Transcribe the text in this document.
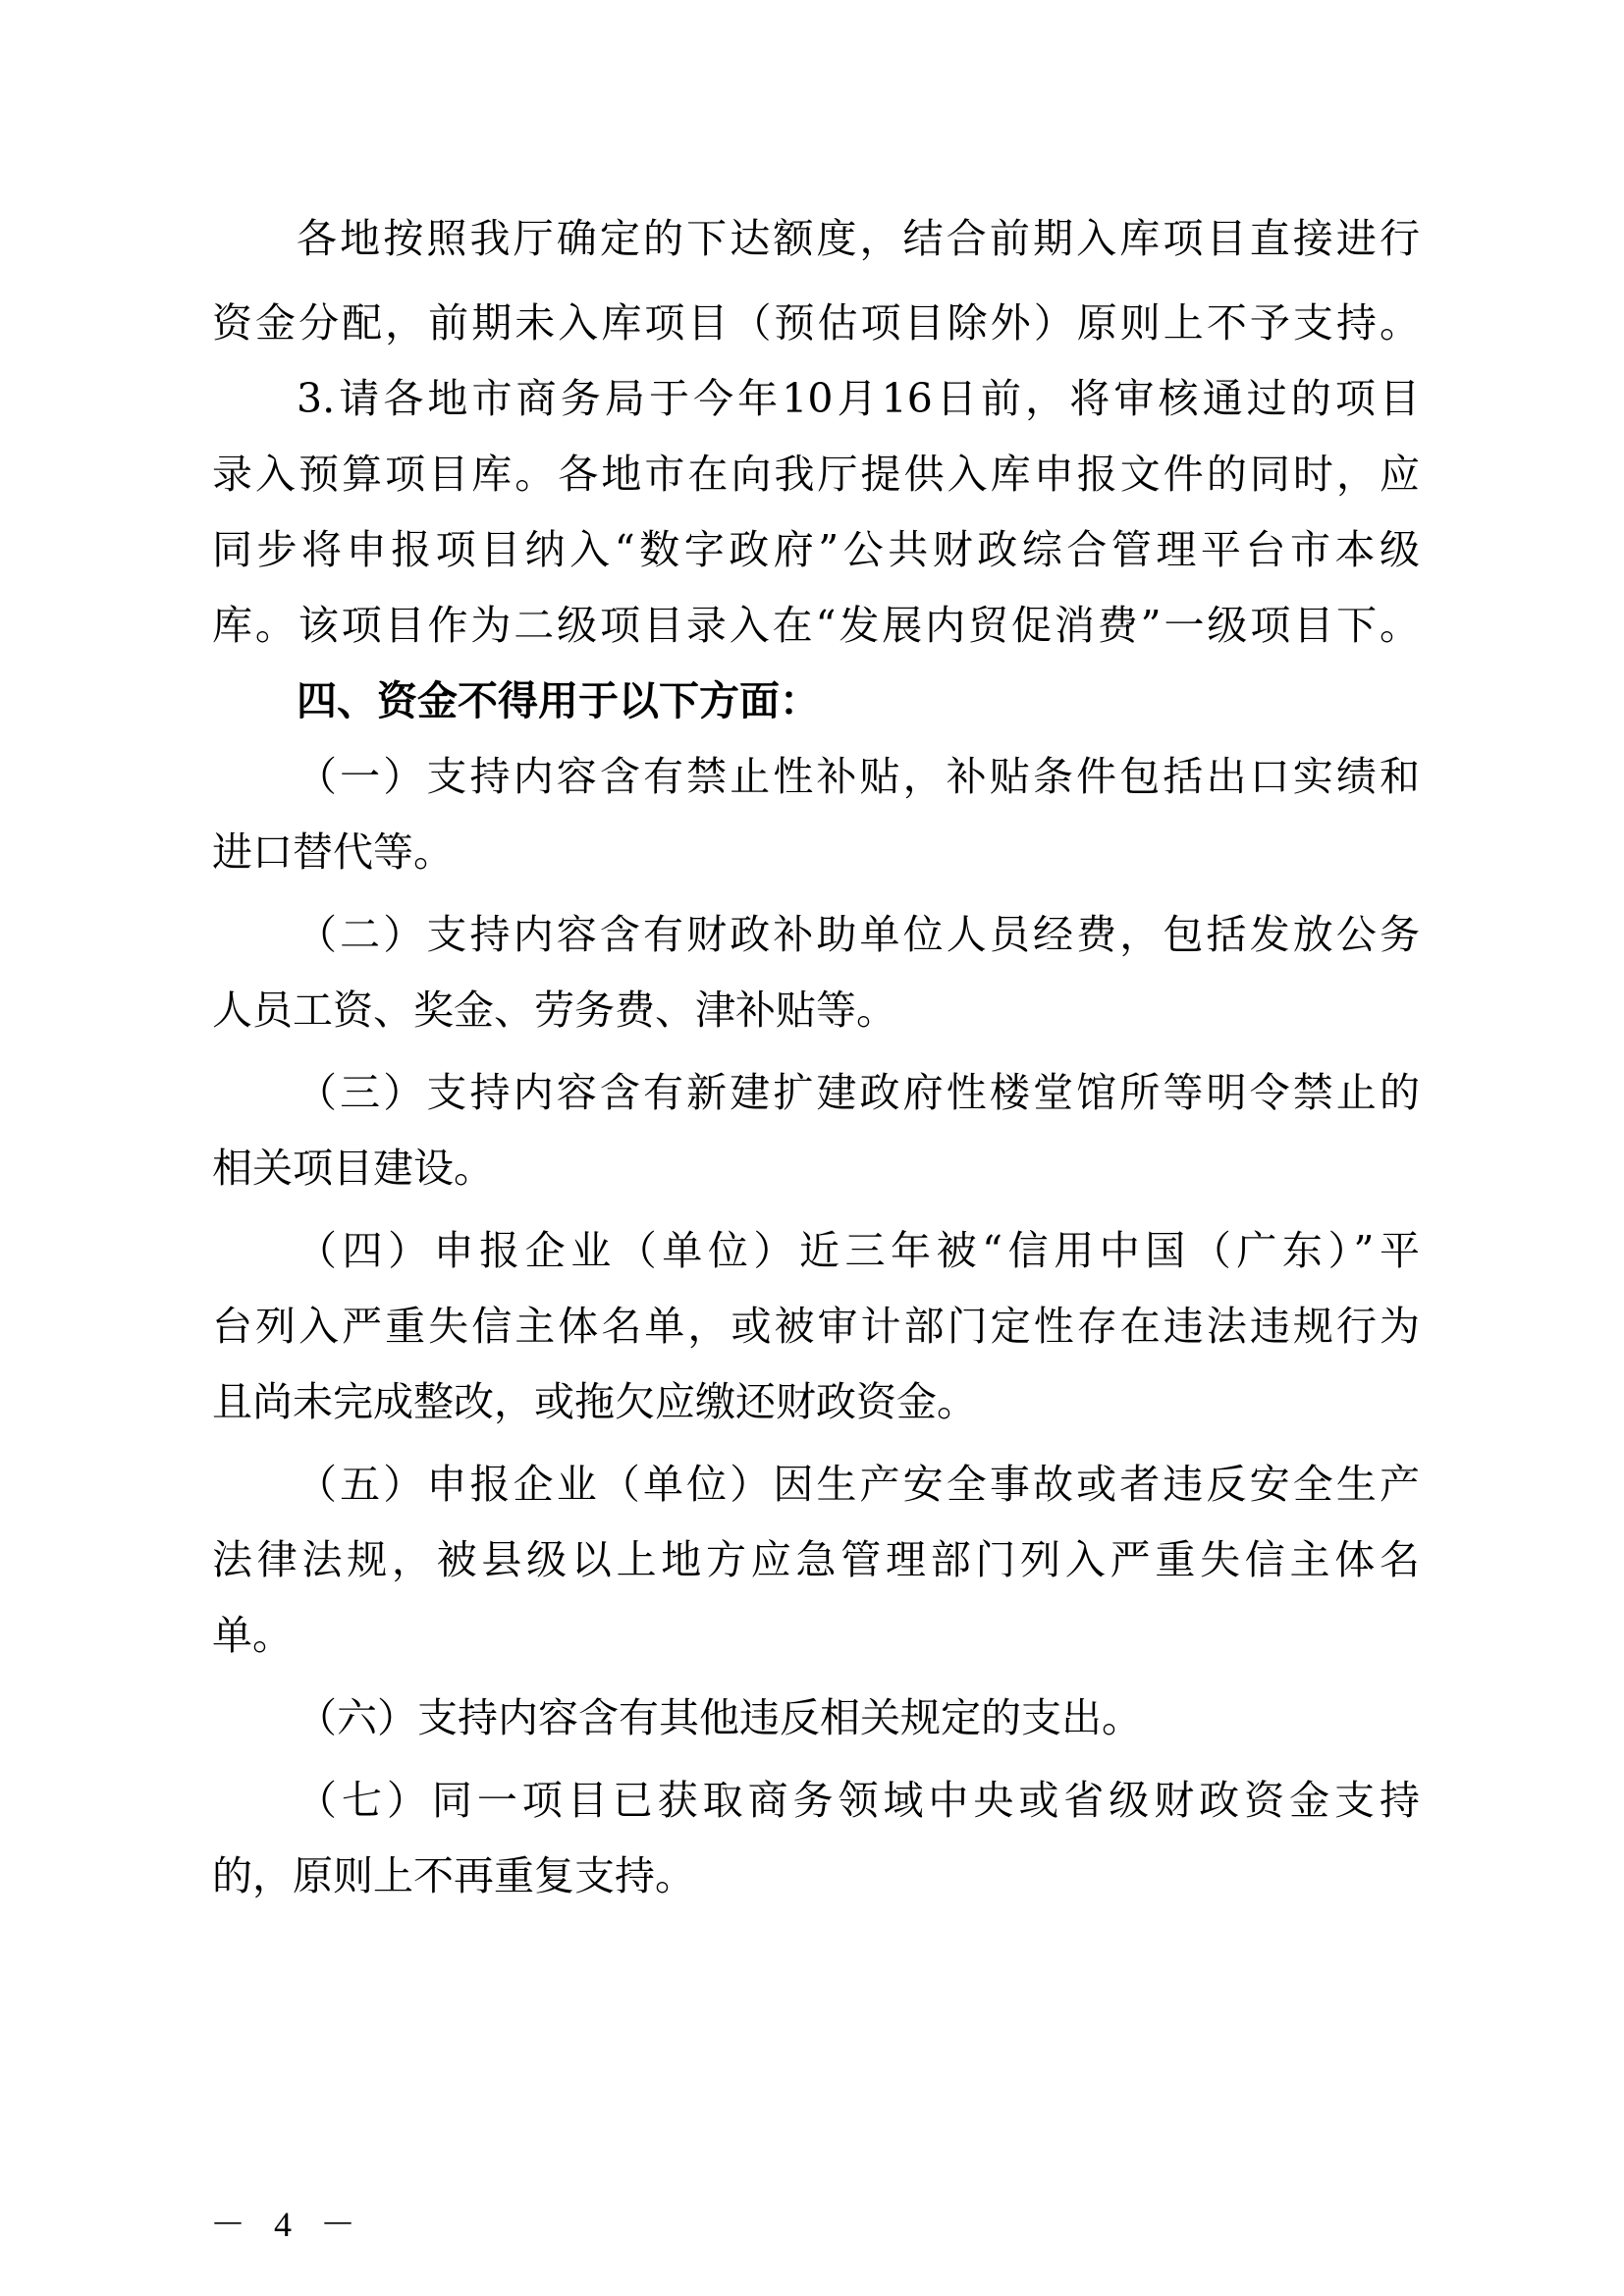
各地按照我厅确定的下达额度，结合前期入库项目直接进行
资金分配，前期未入库项目（预估项目除外）原则上不予支持。
3.请各地市商务局于今年10月16日前，将审核通过的项目
录入预算项目库。各地市在向我厅提供入库申报文件的同时，应
同步将申报项目纳入“数字政府”公共财政综合管理平台市本级
库。该项目作为二级项目录入在“发展内贸促消费”一级项目下。
四、资金不得用于以下方面：
（一）支持内容含有禁止性补贴，补贴条件包括出口实绩和
进口替代等。
（二）支持内容含有财政补助单位人员经费，包括发放公务
人员工资、奖金、劳务费、津补贴等。
（三）支持内容含有新建扩建政府性楼堂馆所等明令禁止的
相关项目建设。
（四）申报企业（单位）近三年被“信用中国（广东）”平
台列入严重失信主体名单，或被审计部门定性存在违法违规行为
且尚未完成整改，或拖欠应缴还财政资金。
（五）申报企业（单位）因生产安全事故或者违反安全生产
法律法规，被县级以上地方应急管理部门列入严重失信主体名
单。
（六）支持内容含有其他违反相关规定的支出。
（七）同一项目已获取商务领域中央或省级财政资金支持
的，原则上不再重复支持。
－ 4 －
